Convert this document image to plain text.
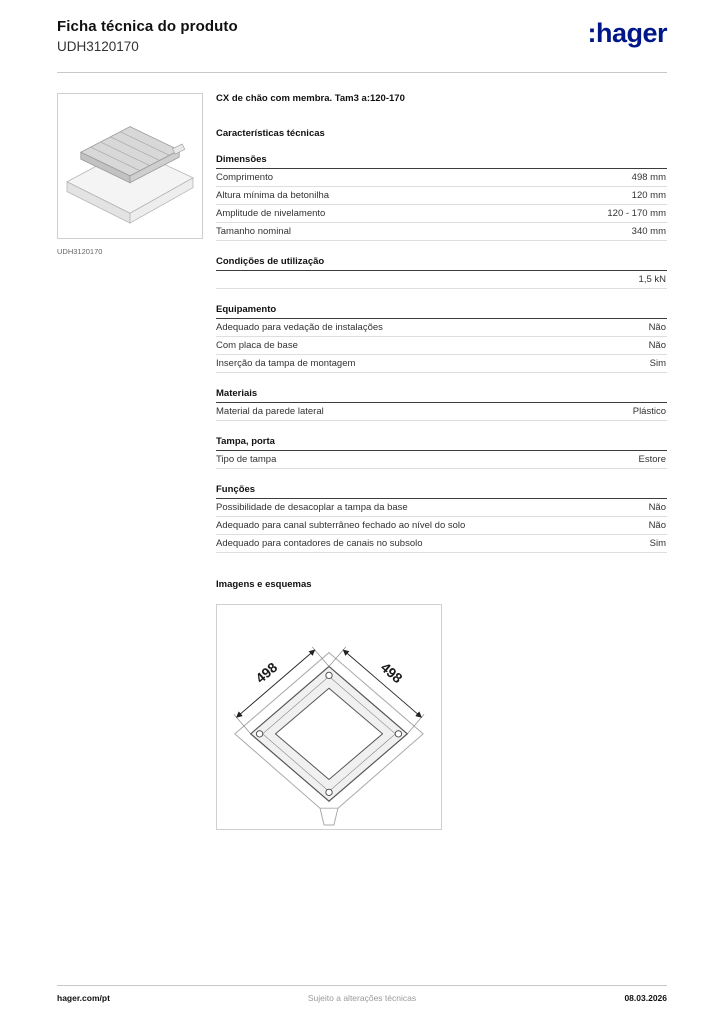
Ficha técnica do produto
UDH3120170	:hager
UDH3120170
CX de chão com membra. Tam3 a:120-170
Características técnicas
Dimensões
Comprimento	498 mm
Altura mínima da betonilha	120 mm
Amplitude de nivelamento	120 - 170 mm
Tamanho nominal	340 mm
Condições de utilização
1,5 kN
Equipamento
Adequado para vedação de instalações	Não
Com placa de base	Não
Inserção da tampa de montagem	Sim
Materiais
Material da parede lateral	Plástico
Tampa, porta
Tipo de tampa	Estore
Funções
Possibilidade de desacoplar a tampa da base	Não
Adequado para canal subterrâneo fechado ao nível do solo	Não
Adequado para contadores de canais no subsolo	Sim
Imagens e esquemas
498	498
hager.com/pt	Sujeito a alterações técnicas	08.03.2026
